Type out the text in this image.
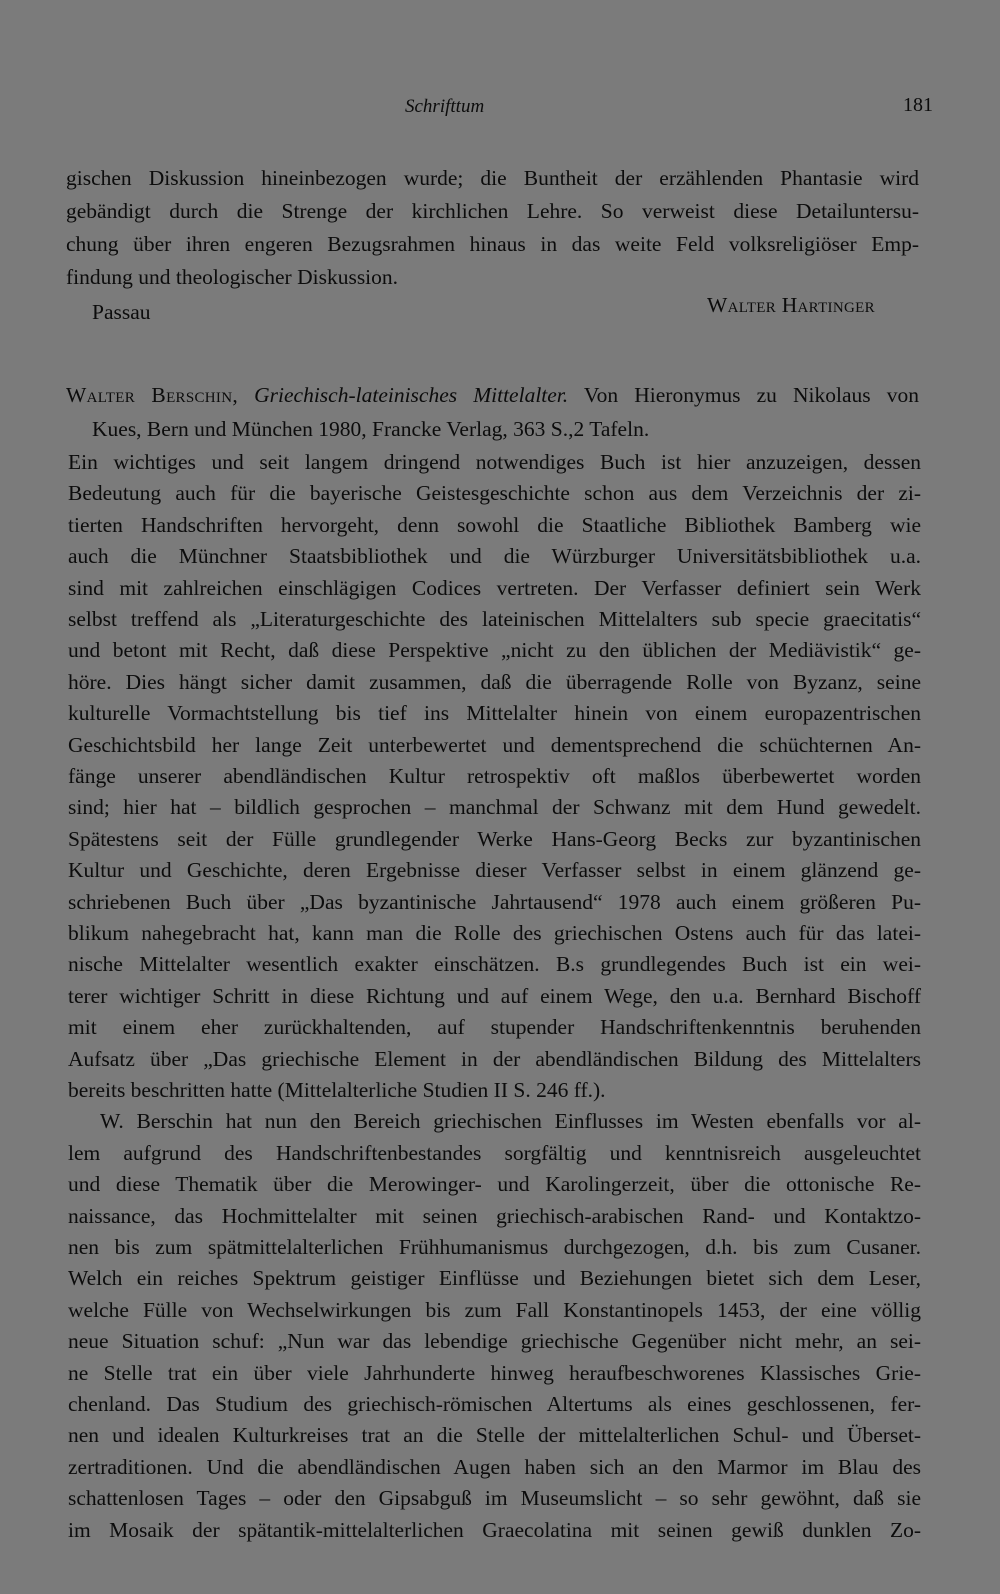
Schrifttum	181
gischen Diskussion hineinbezogen wurde; die Buntheit der erzählenden Phantasie wird
gebändigt durch die Strenge der kirchlichen Lehre. So verweist diese Detailuntersu-
chung über ihren engeren Bezugsrahmen hinaus in das weite Feld volksreligiöser Emp-
findung und theologischer Diskussion.
Passau	Walter Hartinger
Walter Berschin, Griechisch-lateinisches Mittelalter. Von Hieronymus zu Nikolaus von
Kues, Bern und München 1980, Francke Verlag, 363 S.,2 Tafeln.
Ein wichtiges und seit langem dringend notwendiges Buch ist hier anzuzeigen, dessen
Bedeutung auch für die bayerische Geistesgeschichte schon aus dem Verzeichnis der zi-
tierten Handschriften hervorgeht, denn sowohl die Staatliche Bibliothek Bamberg wie
auch die Münchner Staatsbibliothek und die Würzburger Universitätsbibliothek u.a.
sind mit zahlreichen einschlägigen Codices vertreten. Der Verfasser definiert sein Werk
selbst treffend als „Literaturgeschichte des lateinischen Mittelalters sub specie graecitatis“
und betont mit Recht, daß diese Perspektive „nicht zu den üblichen der Mediävistik“ ge-
höre. Dies hängt sicher damit zusammen, daß die überragende Rolle von Byzanz, seine
kulturelle Vormachtstellung bis tief ins Mittelalter hinein von einem europazentrischen
Geschichtsbild her lange Zeit unterbewertet und dementsprechend die schüchternen An-
fänge unserer abendländischen Kultur retrospektiv oft maßlos überbewertet worden
sind; hier hat – bildlich gesprochen – manchmal der Schwanz mit dem Hund gewedelt.
Spätestens seit der Fülle grundlegender Werke Hans-Georg Becks zur byzantinischen
Kultur und Geschichte, deren Ergebnisse dieser Verfasser selbst in einem glänzend ge-
schriebenen Buch über „Das byzantinische Jahrtausend“ 1978 auch einem größeren Pu-
blikum nahegebracht hat, kann man die Rolle des griechischen Ostens auch für das latei-
nische Mittelalter wesentlich exakter einschätzen. B.s grundlegendes Buch ist ein wei-
terer wichtiger Schritt in diese Richtung und auf einem Wege, den u.a. Bernhard Bischoff
mit einem eher zurückhaltenden, auf stupender Handschriftenkenntnis beruhenden
Aufsatz über „Das griechische Element in der abendländischen Bildung des Mittelalters
bereits beschritten hatte (Mittelalterliche Studien II S. 246 ff.).
W. Berschin hat nun den Bereich griechischen Einflusses im Westen ebenfalls vor al-
lem aufgrund des Handschriftenbestandes sorgfältig und kenntnisreich ausgeleuchtet
und diese Thematik über die Merowinger- und Karolingerzeit, über die ottonische Re-
naissance, das Hochmittelalter mit seinen griechisch-arabischen Rand- und Kontaktzo-
nen bis zum spätmittelalterlichen Frühhumanismus durchgezogen, d.h. bis zum Cusaner.
Welch ein reiches Spektrum geistiger Einflüsse und Beziehungen bietet sich dem Leser,
welche Fülle von Wechselwirkungen bis zum Fall Konstantinopels 1453, der eine völlig
neue Situation schuf: „Nun war das lebendige griechische Gegenüber nicht mehr, an sei-
ne Stelle trat ein über viele Jahrhunderte hinweg heraufbeschworenes Klassisches Grie-
chenland. Das Studium des griechisch-römischen Altertums als eines geschlossenen, fer-
nen und idealen Kulturkreises trat an die Stelle der mittelalterlichen Schul- und Überset-
zertraditionen. Und die abendländischen Augen haben sich an den Marmor im Blau des
schattenlosen Tages – oder den Gipsabguß im Museumslicht – so sehr gewöhnt, daß sie
im Mosaik der spätantik-mittelalterlichen Graecolatina mit seinen gewiß dunklen Zo-
